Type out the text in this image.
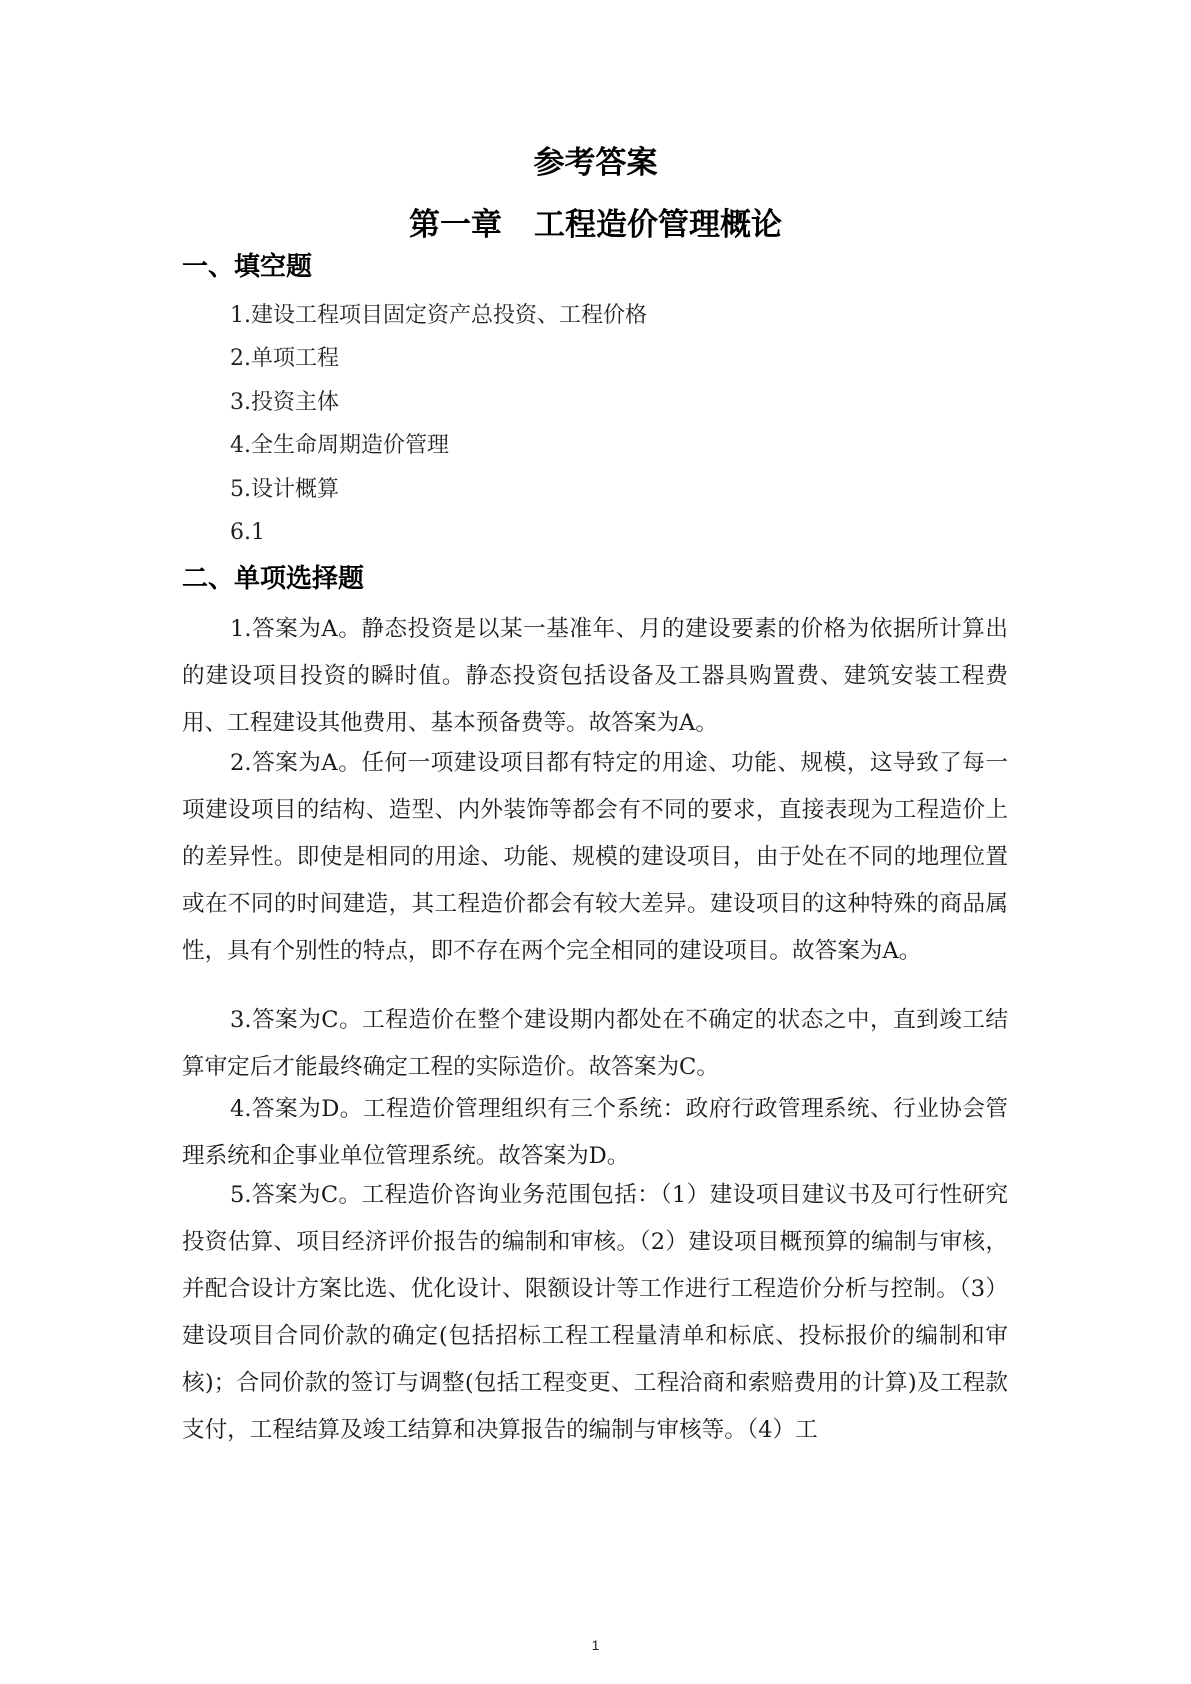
参考答案
第一章 工程造价管理概论
一、填空题
1.建设工程项目固定资产总投资、工程价格
2.单项工程
3.投资主体
4.全生命周期造价管理
5.设计概算
6.1
二、单项选择题

1.答案为A。静态投资是以某一基准年、月的建设要素的价格为依据所计算出的建设项目投资的瞬时值。静态投资包括设备及工器具购置费、建筑安装工程费用、工程建设其他费用、基本预备费等。故答案为A。

2.答案为A。任何一项建设项目都有特定的用途、功能、规模，这导致了每一项建设项目的结构、造型、内外装饰等都会有不同的要求，直接表现为工程造价上的差异性。即使是相同的用途、功能、规模的建设项目，由于处在不同的地理位置或在不同的时间建造，其工程造价都会有较大差异。建设项目的这种特殊的商品属性，具有个别性的特点，即不存在两个完全相同的建设项目。故答案为A。

3.答案为C。工程造价在整个建设期内都处在不确定的状态之中，直到竣工结算审定后才能最终确定工程的实际造价。故答案为C。

4.答案为D。工程造价管理组织有三个系统：政府行政管理系统、行业协会管理系统和企事业单位管理系统。故答案为D。

5.答案为C。工程造价咨询业务范围包括：（1）建设项目建议书及可行性研究投资估算、项目经济评价报告的编制和审核。（2）建设项目概预算的编制与审核，并配合设计方案比选、优化设计、限额设计等工作进行工程造价分析与控制。（3）建设项目合同价款的确定(包括招标工程工程量清单和标底、投标报价的编制和审核)；合同价款的签订与调整(包括工程变更、工程洽商和索赔费用的计算)及工程款支付，工程结算及竣工结算和决算报告的编制与审核等。（4）工

1
